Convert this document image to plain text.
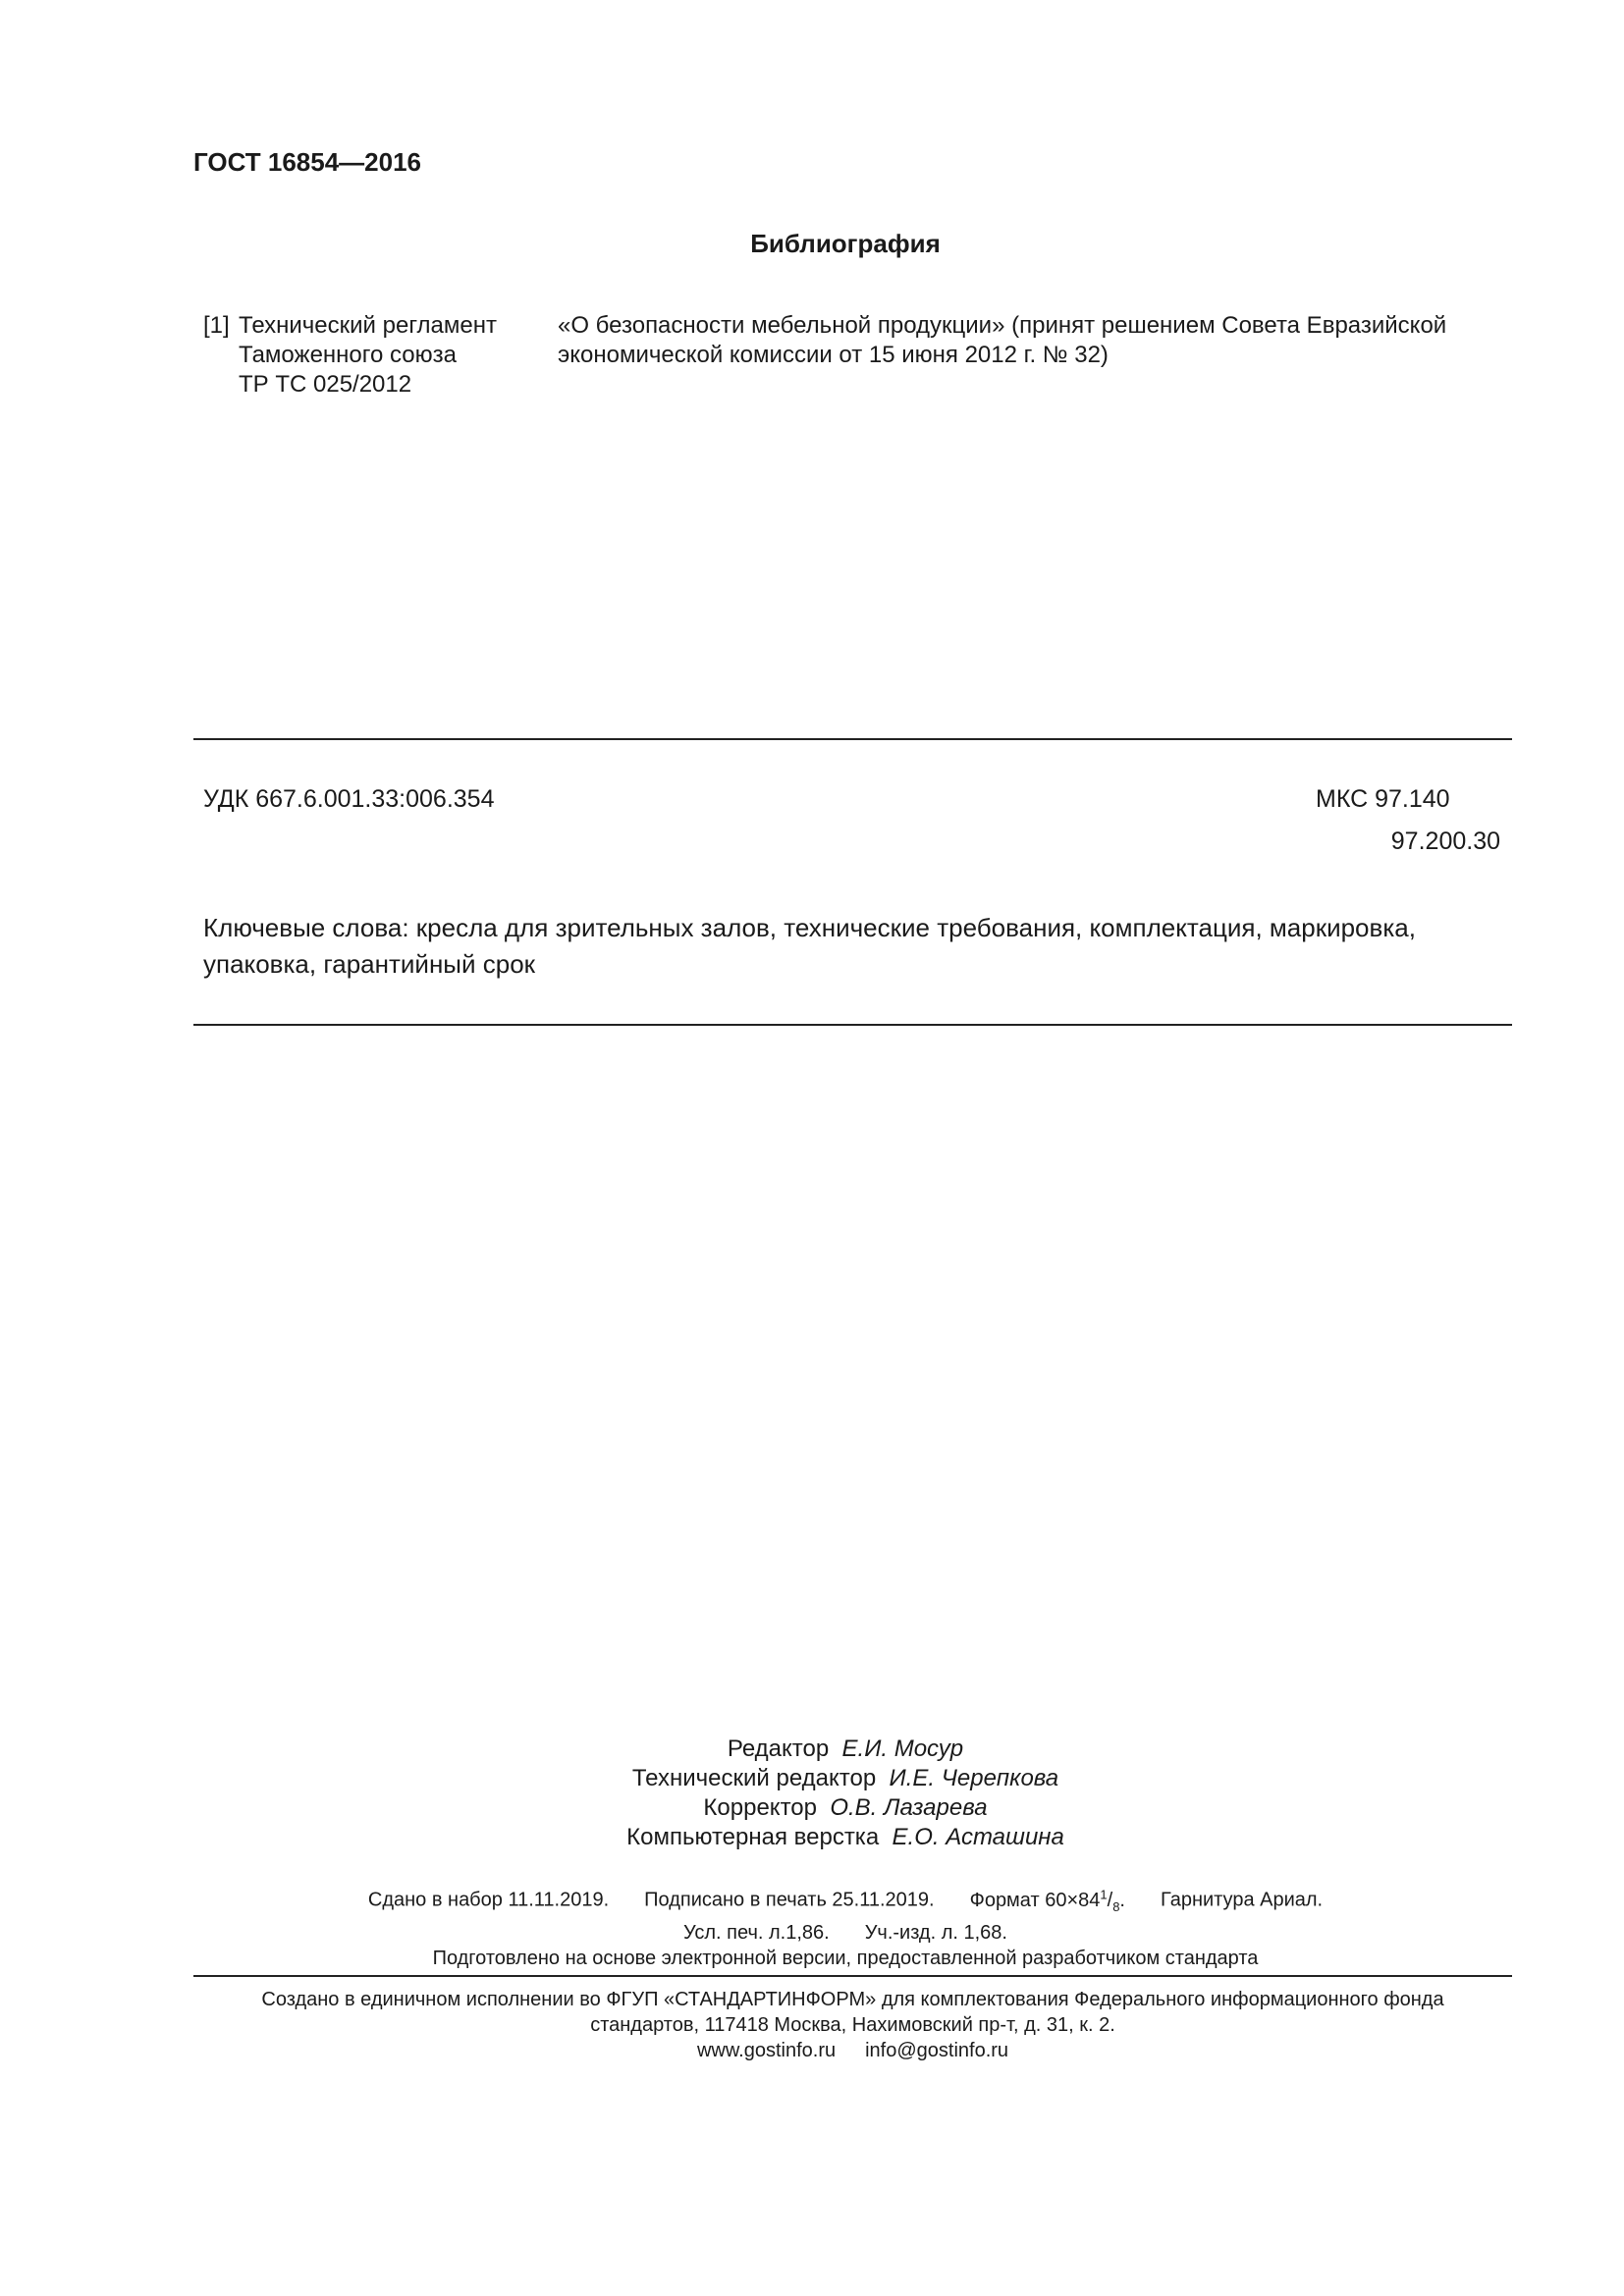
ГОСТ 16854—2016
Библиография
[1] Технический регламент
Таможенного союза
ТР ТС 025/2012
«О безопасности мебельной продукции» (принят решением Совета Евразийской экономической комиссии от 15 июня 2012 г. № 32)
УДК 667.6.001.33:006.354	МКС 97.140
97.200.30
Ключевые слова: кресла для зрительных залов, технические требования, комплектация, маркировка, упаковка, гарантийный срок
Редактор Е.И. Мосур
Технический редактор И.Е. Черепкова
Корректор О.В. Лазарева
Компьютерная верстка Е.О. Асташина
Сдано в набор 11.11.2019. Подписано в печать 25.11.2019. Формат $60\times 84^1/_8$. Гарнитура Ариал.
Усл. печ. л.1,86. Уч.-изд. л. 1,68.
Подготовлено на основе электронной версии, предоставленной разработчиком стандарта
Создано в единичном исполнении во ФГУП «СТАНДАРТИНФОРМ» для комплектования Федерального информационного фонда
стандартов, 117418 Москва, Нахимовский пр-т, д. 31, к. 2.
www.gostinfo.ru info@gostinfo.ru
